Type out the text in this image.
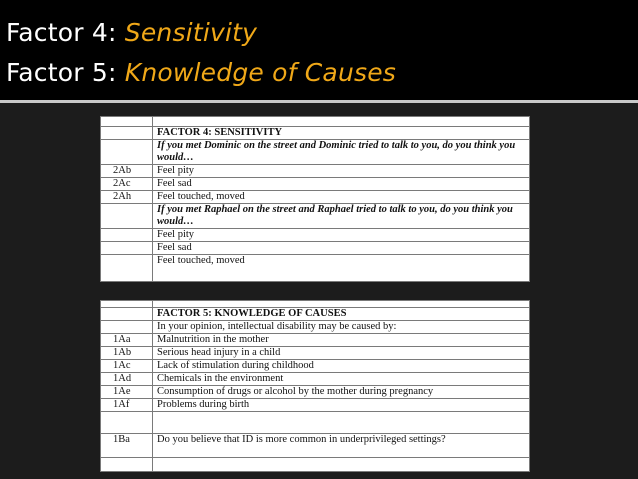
Factor 4: Sensitivity
Factor 5: Knowledge of Causes

	FACTOR 4: SENSITIVITY
	If you met Dominic on the street and Dominic tried to talk to you, do you think you would…
2Ab	Feel pity
2Ac	Feel sad
2Ah	Feel touched, moved
	If you met Raphael on the street and Raphael tried to talk to you, do you think you would…
	Feel pity
	Feel sad
	Feel touched, moved

	FACTOR 5: KNOWLEDGE OF CAUSES
	In your opinion, intellectual disability may be caused by:
1Aa	Malnutrition in the mother
1Ab	Serious head injury in a child
1Ac	Lack of stimulation during childhood
1Ad	Chemicals in the environment
1Ae	Consumption of drugs or alcohol by the mother during pregnancy
1Af	Problems during birth

1Ba	Do you believe that ID is more common in underprivileged settings?
